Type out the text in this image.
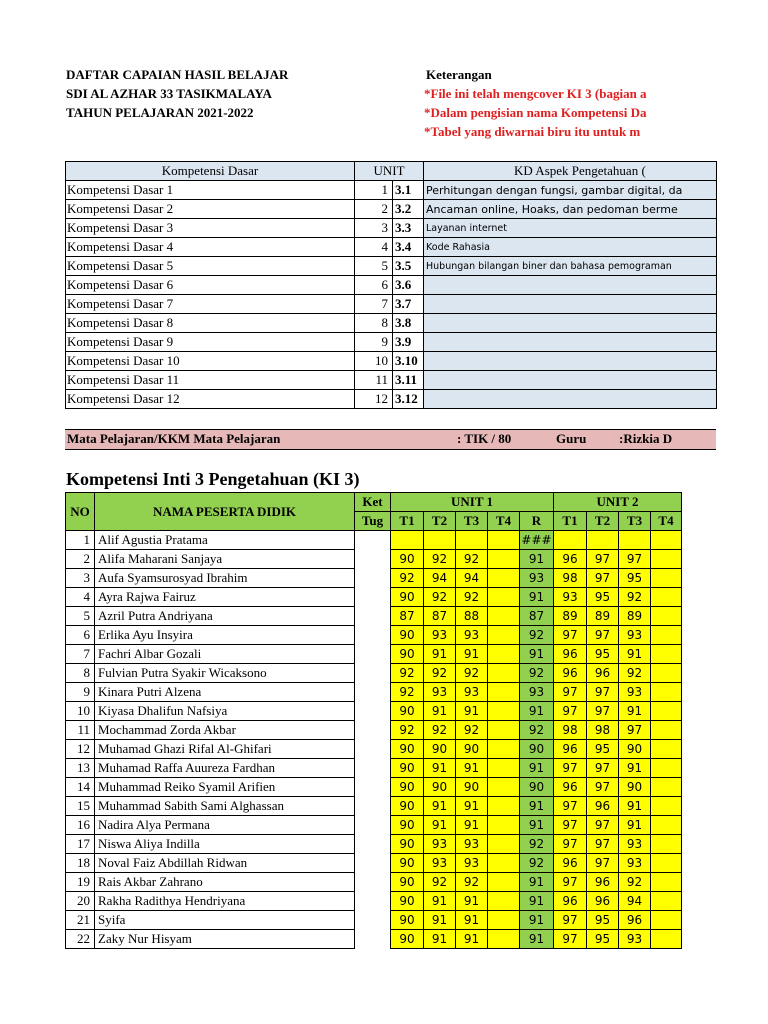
DAFTAR CAPAIAN HASIL BELAJAR
SDI AL AZHAR 33 TASIKMALAYA
TAHUN PELAJARAN 2021-2022
Keterangan
*File ini telah mengcover KI 3 (bagian a
*Dalam pengisian nama Kompetensi Da
*Tabel yang diwarnai biru itu untuk m
Kompetensi Dasar	UNIT		KD Aspek Pengetahuan (
Kompetensi Dasar 1	1	3.1	Perhitungan dengan fungsi, gambar digital, da
Kompetensi Dasar 2	2	3.2	Ancaman online, Hoaks, dan pedoman berme
Kompetensi Dasar 3	3	3.3	Layanan internet
Kompetensi Dasar 4	4	3.4	Kode Rahasia
Kompetensi Dasar 5	5	3.5	Hubungan bilangan biner dan bahasa pemograman
Kompetensi Dasar 6	6	3.6	
Kompetensi Dasar 7	7	3.7	
Kompetensi Dasar 8	8	3.8	
Kompetensi Dasar 9	9	3.9	
Kompetensi Dasar 10	10	3.10	
Kompetensi Dasar 11	11	3.11	
Kompetensi Dasar 12	12	3.12	
Mata Pelajaran/KKM Mata Pelajaran	: TIK / 80	Guru	:Rizkia D
Kompetensi Inti 3 Pengetahuan (KI 3)
NO	NAMA PESERTA DIDIK	Ket	UNIT 1					UNIT 2			
		Tug	T1	T2	T3	T4	R	T1	T2	T3	T4
1	Alif Agustia Pratama						###				
2	Alifa Maharani Sanjaya		90	92	92		91	96	97	97	
3	Aufa Syamsurosyad Ibrahim		92	94	94		93	98	97	95	
4	Ayra Rajwa Fairuz		90	92	92		91	93	95	92	
5	Azril Putra Andriyana		87	87	88		87	89	89	89	
6	Erlika Ayu Insyira		90	93	93		92	97	97	93	
7	Fachri Albar Gozali		90	91	91		91	96	95	91	
8	Fulvian Putra Syakir Wicaksono		92	92	92		92	96	96	92	
9	Kinara Putri Alzena		92	93	93		93	97	97	93	
10	Kiyasa Dhalifun Nafsiya		90	91	91		91	97	97	91	
11	Mochammad Zorda Akbar		92	92	92		92	98	98	97	
12	Muhamad Ghazi Rifal Al-Ghifari		90	90	90		90	96	95	90	
13	Muhamad Raffa Auureza Fardhan		90	91	91		91	97	97	91	
14	Muhammad Reiko Syamil Arifien		90	90	90		90	96	97	90	
15	Muhammad Sabith Sami Alghassan		90	91	91		91	97	96	91	
16	Nadira Alya Permana		90	91	91		91	97	97	91	
17	Niswa Aliya Indilla		90	93	93		92	97	97	93	
18	Noval Faiz Abdillah Ridwan		90	93	93		92	96	97	93	
19	Rais Akbar Zahrano		90	92	92		91	97	96	92	
20	Rakha Radithya Hendriyana		90	91	91		91	96	96	94	
21	Syifa		90	91	91		91	97	95	96	
22	Zaky Nur Hisyam		90	91	91		91	97	95	93	
